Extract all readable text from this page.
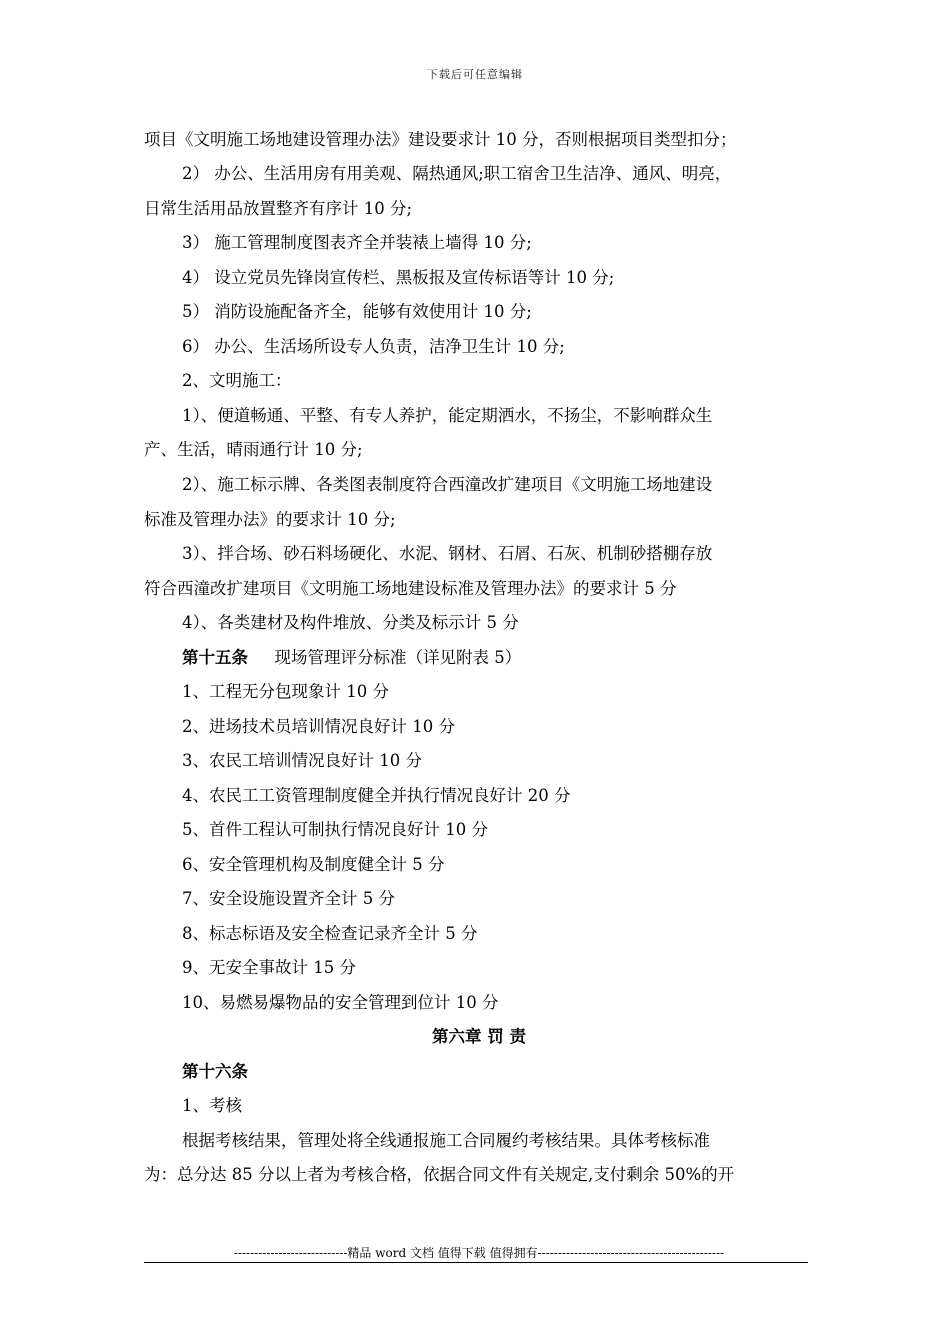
下载后可任意编辑
项目《文明施工场地建设管理办法》建设要求计 10 分，否则根据项目类型扣分；
2） 办公、生活用房有用美观、隔热通风;职工宿舍卫生洁净、通风、明亮，
日常生活用品放置整齐有序计 10 分;
3） 施工管理制度图表齐全并装裱上墙得 10 分;
4） 设立党员先锋岗宣传栏、黑板报及宣传标语等计 10 分;
5） 消防设施配备齐全，能够有效使用计 10 分;
6） 办公、生活场所设专人负责，洁净卫生计 10 分;
2、文明施工：
1）、便道畅通、平整、有专人养护，能定期洒水，不扬尘，不影响群众生
产、生活，晴雨通行计 10 分;
2）、施工标示牌、各类图表制度符合西潼改扩建项目《文明施工场地建设
标准及管理办法》的要求计 10 分;
3）、拌合场、砂石料场硬化、水泥、钢材、石屑、石灰、机制砂搭棚存放
符合西潼改扩建项目《文明施工场地建设标准及管理办法》的要求计 5 分
4）、各类建材及构件堆放、分类及标示计 5 分
第十五条 现场管理评分标准（详见附表 5）
1、工程无分包现象计 10 分
2、进场技术员培训情况良好计 10 分
3、农民工培训情况良好计 10 分
4、农民工工资管理制度健全并执行情况良好计 20 分
5、首件工程认可制执行情况良好计 10 分
6、安全管理机构及制度健全计 5 分
7、安全设施设置齐全计 5 分
8、标志标语及安全检查记录齐全计 5 分
9、无安全事故计 15 分
10、易燃易爆物品的安全管理到位计 10 分
第六章 罚 责
第十六条
1、考核
根据考核结果，管理处将全线通报施工合同履约考核结果。具体考核标准
为：总分达 85 分以上者为考核合格，依据合同文件有关规定,支付剩余 50%的开
----------------------------精品 word 文档 值得下载 值得拥有----------------------------------------------
